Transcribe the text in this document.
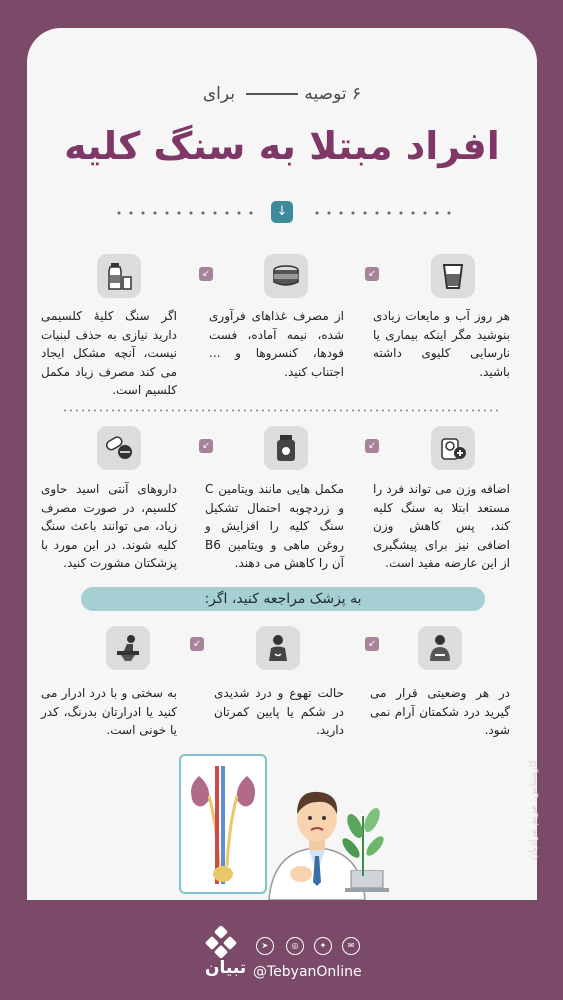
۶ توصیه برای
افراد مبتلا به سنگ کلیه
↓
↙
↙
هر روز آب و مایعات زیادی بنوشید مگر اینکه بیماری یا نارسایی کلیوی داشته باشید.
از مصرف غذاهای فرآوری شده، نیمه آماده، فست فودها، کنسروها و ... اجتناب کنید.
اگر سنگ کلیهٔ کلسیمی دارید نیازی به حذف لبنیات نیست، آنچه مشکل ایجاد می کند مصرف زیاد مکمل کلسیم است.
↙
↙
اضافه وزن می تواند فرد را مستعد ابتلا به سنگ کلیه کند، پس کاهش وزن اضافی نیز برای پیشگیری از این عارضه مفید است.
مکمل هایی مانند ویتامین C و زردچوبه احتمال تشکیل سنگ کلیه را افزایش و روغن ماهی و ویتامین B6 آن را کاهش می دهند.
داروهای آنتی اسید حاوی کلسیم، در صورت مصرف زیاد، می توانند باعث سنگ کلیه شوند. در این مورد با پزشکتان مشورت کنید.
به پزشک مراجعه کنید، اگر:
↙
↙
در هر وضعیتی قرار می گیرید درد شکمتان آرام نمی شود.
حالت تهوع و درد شدیدی در شکم یا پایین کمرتان دارید.
به سختی و با درد ادرار می کنید یا ادرارتان بدرنگ، کدر یا خونی است.
کارشناس: مریم مرادیان
تبیان
➤	◎	✦	✉
@TebyanOnline
